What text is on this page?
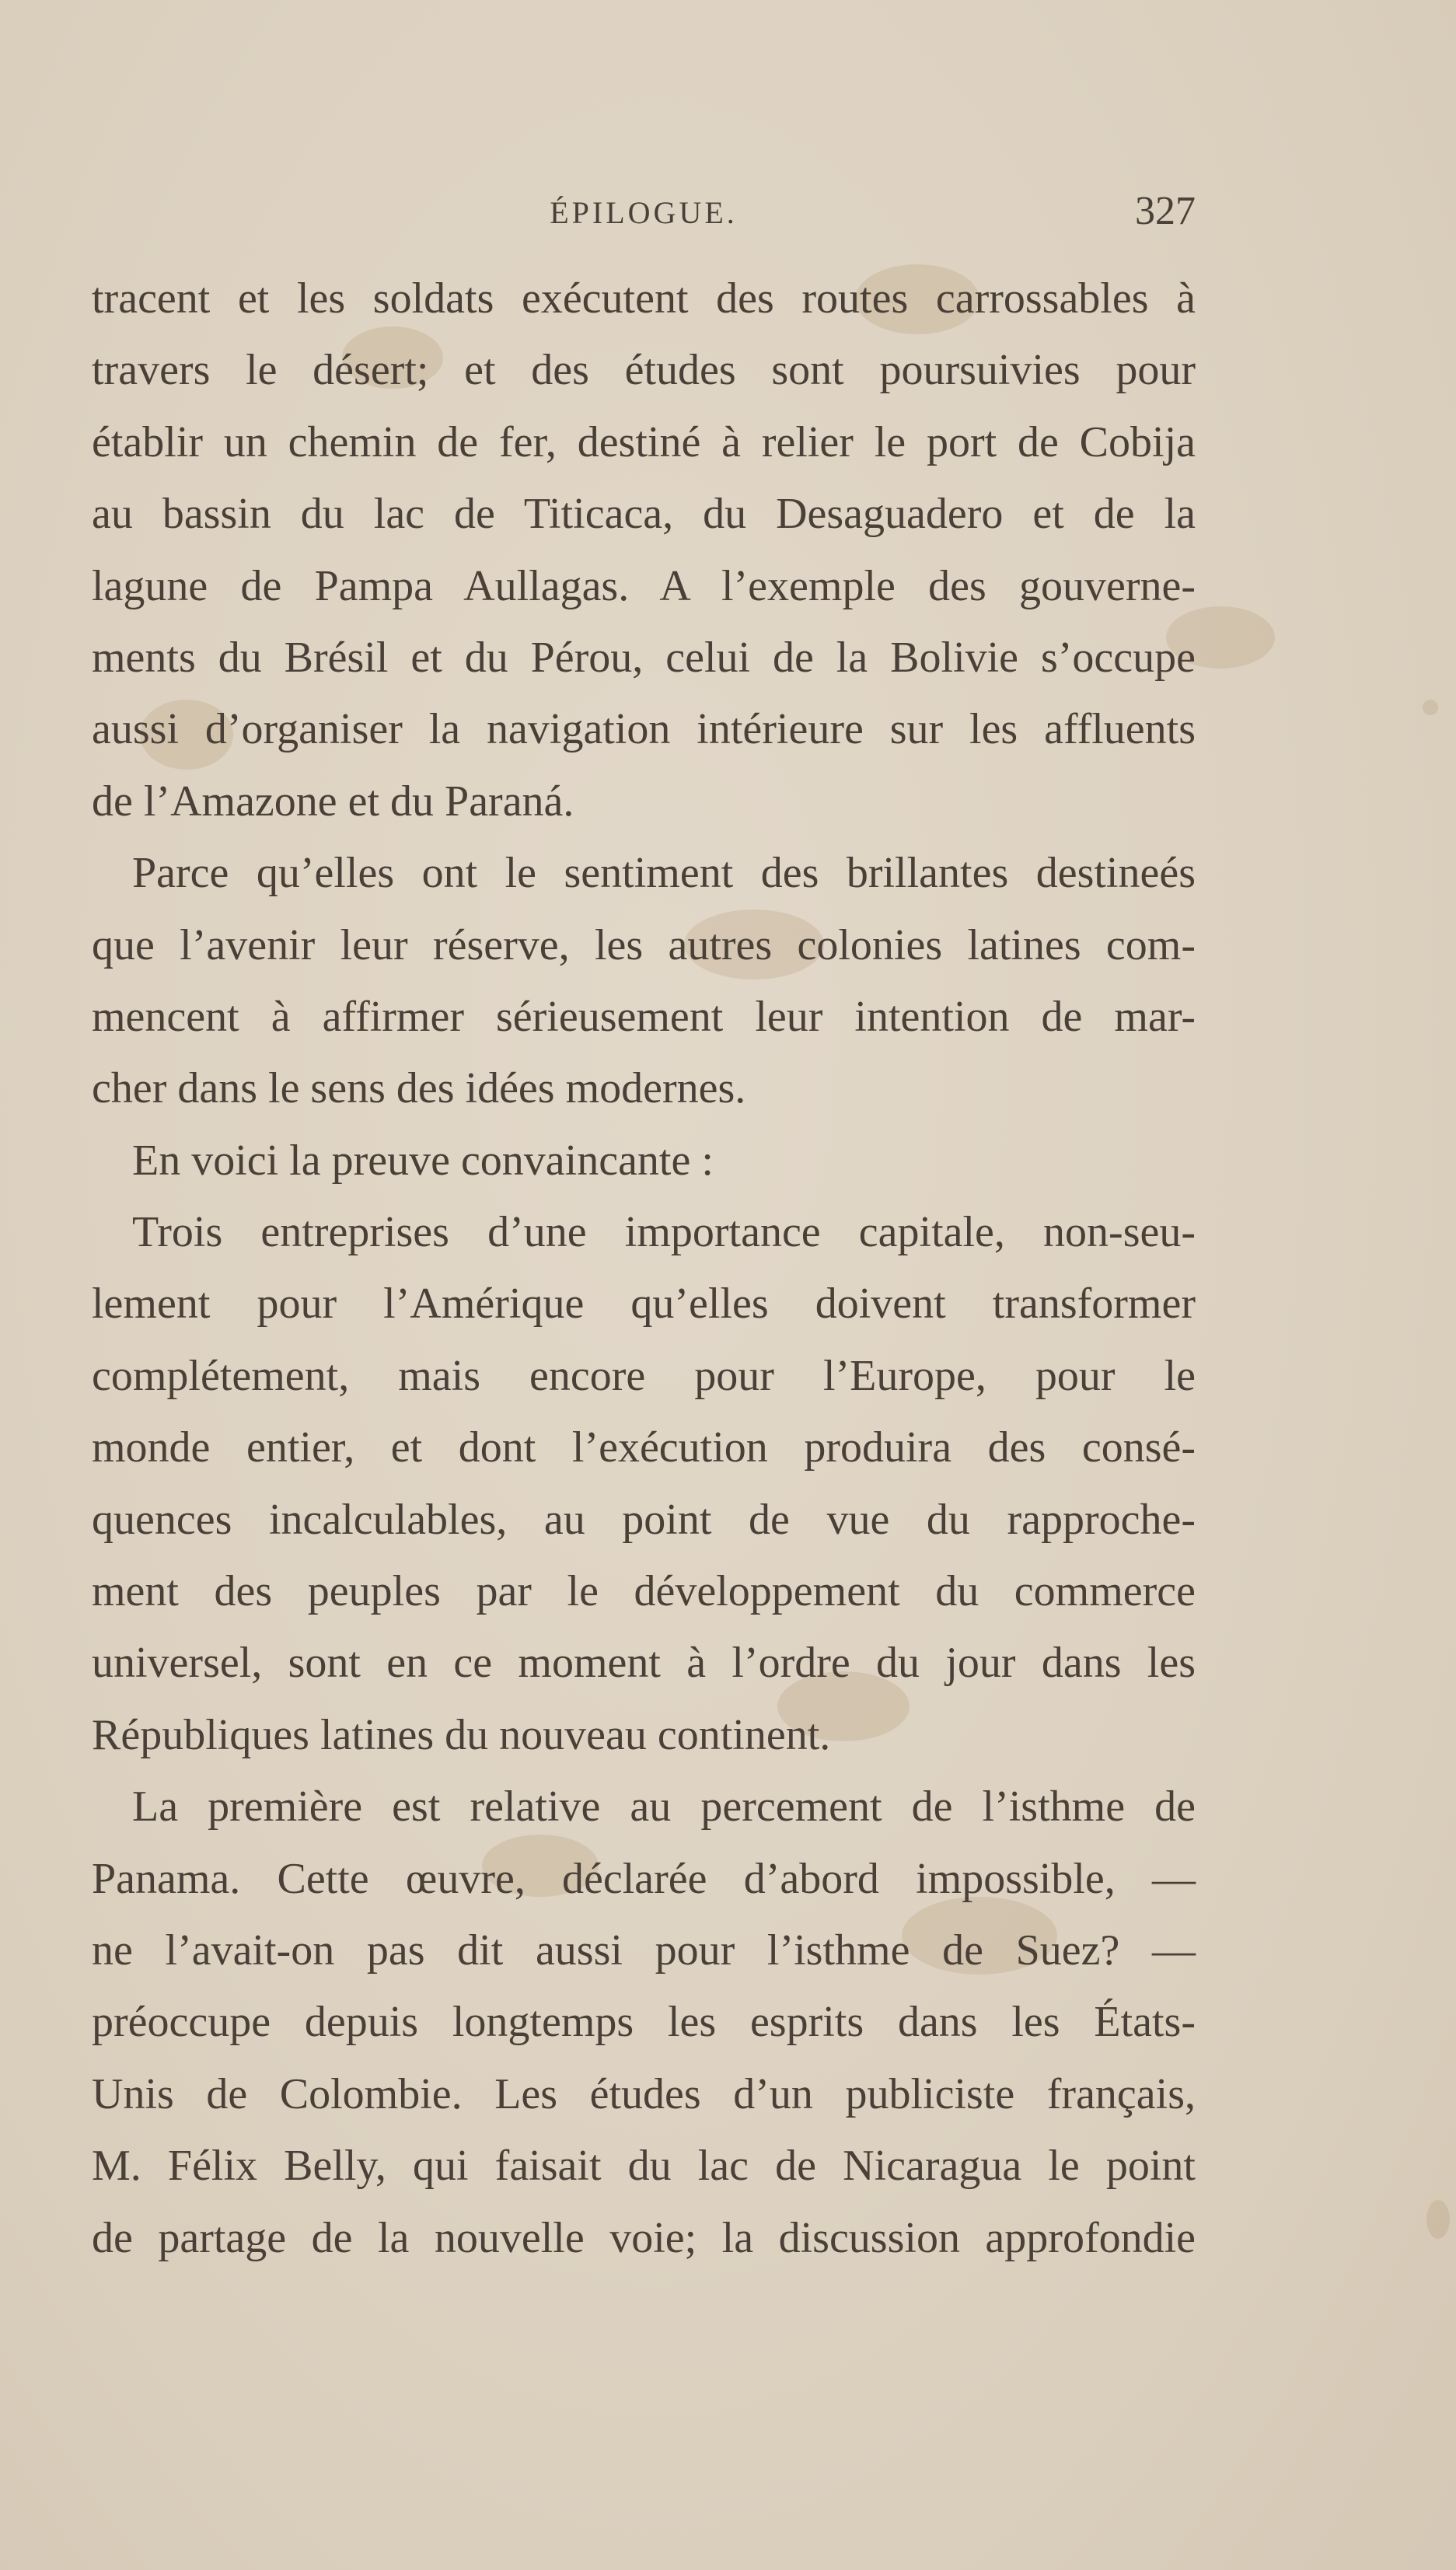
ÉPILOGUE.	327
tracent et les soldats exécutent des routes carrossables à
travers le désert; et des études sont poursuivies pour
établir un chemin de fer, destiné à relier le port de Cobija
au bassin du lac de Titicaca, du Desaguadero et de la
lagune de Pampa Aullagas. A l’exemple des gouverne-
ments du Brésil et du Pérou, celui de la Bolivie s’occupe
aussi d’organiser la navigation intérieure sur les affluents
de l’Amazone et du Paraná.
Parce qu’elles ont le sentiment des brillantes destineés
que l’avenir leur réserve, les autres colonies latines com-
mencent à affirmer sérieusement leur intention de mar-
cher dans le sens des idées modernes.
En voici la preuve convaincante :
Trois entreprises d’une importance capitale, non-seu-
lement pour l’Amérique qu’elles doivent transformer
complétement, mais encore pour l’Europe, pour le
monde entier, et dont l’exécution produira des consé-
quences incalculables, au point de vue du rapproche-
ment des peuples par le développement du commerce
universel, sont en ce moment à l’ordre du jour dans les
Républiques latines du nouveau continent.
La première est relative au percement de l’isthme de
Panama. Cette œuvre, déclarée d’abord impossible, —
ne l’avait-on pas dit aussi pour l’isthme de Suez? —
préoccupe depuis longtemps les esprits dans les États-
Unis de Colombie. Les études d’un publiciste français,
M. Félix Belly, qui faisait du lac de Nicaragua le point
de partage de la nouvelle voie; la discussion approfondie
